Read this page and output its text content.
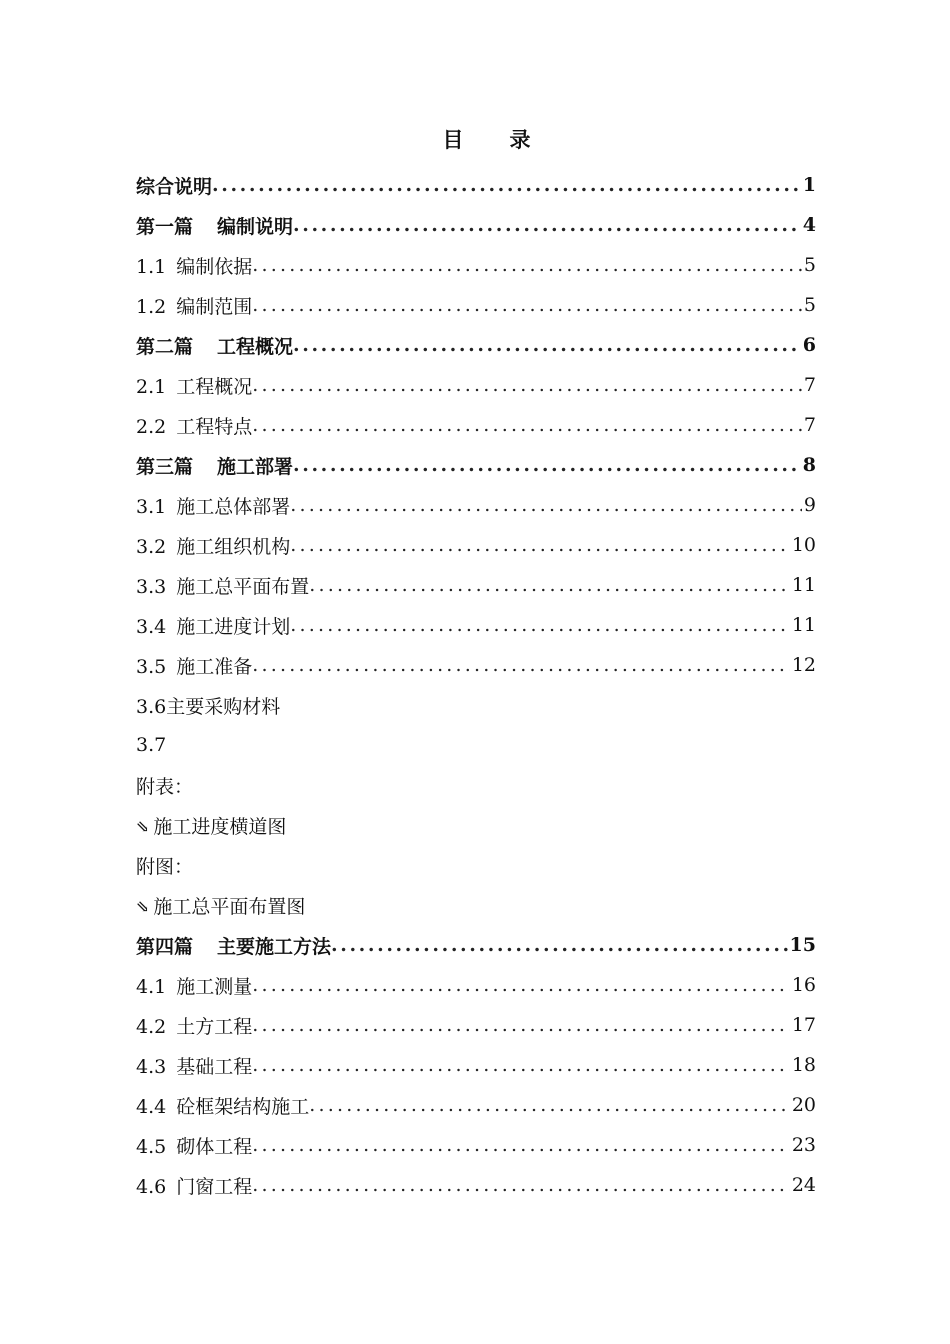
目 录
综合说明 .....	1
第一篇 编制说明 .....	4
1.1 编制依据 .....	5
1.2 编制范围 .....	5
第二篇 工程概况 .....	6
2.1 工程概况 .....	7
2.2 工程特点 .....	7
第三篇 施工部署 .....	8
3.1 施工总体部署 .....	9
3.2 施工组织机构 .....	10
3.3 施工总平面布置 .....	11
3.4 施工进度计划 .....	11
3.5 施工准备 .....	12
3.6主要采购材料
3.7
附表：
⇘ 施工进度横道图
附图：
⇘ 施工总平面布置图
第四篇 主要施工方法 .....	15
4.1 施工测量 .....	16
4.2 土方工程 .....	17
4.3 基础工程 .....	18
4.4 砼框架结构施工 .....	20
4.5 砌体工程 .....	23
4.6 门窗工程 .....	24
